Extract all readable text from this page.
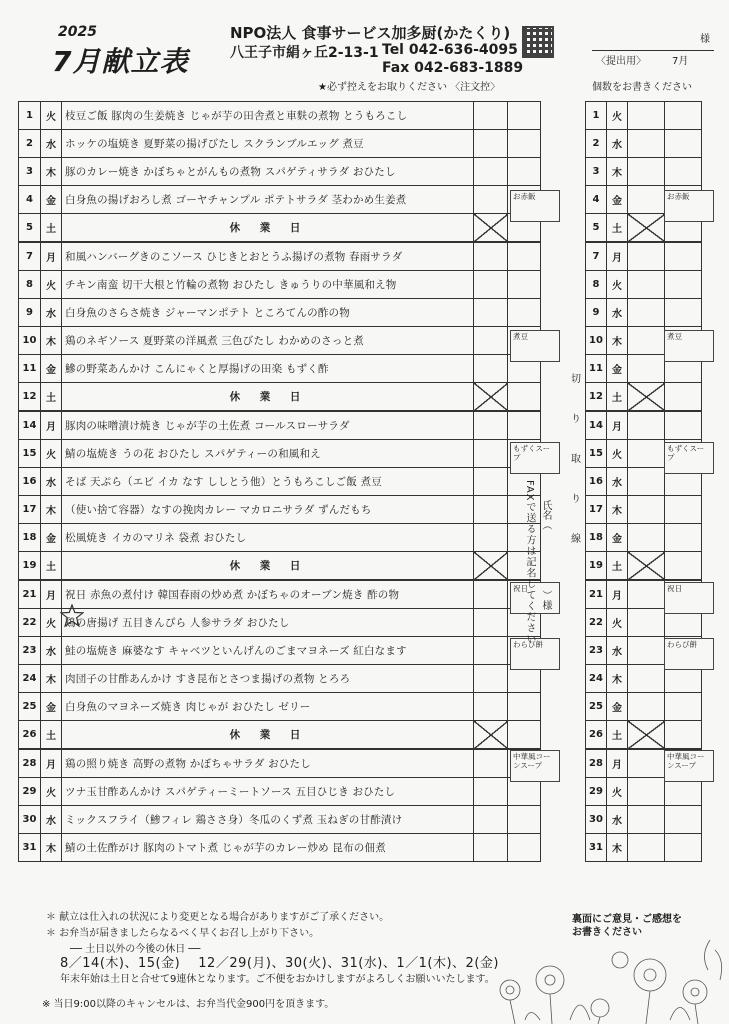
2025
7月献立表
NPO法人 食事サービス加多厨(かたくり)
八王子市絹ヶ丘2-13-1 Tel 042-636-4095
Fax 042-683-1889
★必ず控えをお取りください 〈注文控〉
様
〈提出用〉	7月
個数をお書きください
1	火	枝豆ご飯 豚肉の生姜焼き じゃが芋の田舎煮と車麩の煮物 とうもろこし		
2	水	ホッケの塩焼き 夏野菜の揚げびたし スクランブルエッグ 煮豆		
3	木	豚のカレー焼き かぼちゃとがんもの煮物 スパゲティサラダ おひたし		
4	金	白身魚の揚げおろし煮 ゴーヤチャンプル ポテトサラダ 茎わかめ生姜煮		
5	土	休 業 日		
7	月	和風ハンバーグきのこソース ひじきとおとうふ揚げの煮物 春雨サラダ		
8	火	チキン南蛮 切干大根と竹輪の煮物 おひたし きゅうりの中華風和え物		
9	水	白身魚のさらさ焼き ジャーマンポテト ところてんの酢の物		
10	木	鶏のネギソース 夏野菜の洋風煮 三色びたし わかめのさっと煮		
11	金	鰺の野菜あんかけ こんにゃくと厚揚げの田楽 もずく酢		
12	土	休 業 日		
14	月	豚肉の味噌漬け焼き じゃが芋の土佐煮 コールスローサラダ		
15	火	鯖の塩焼き うの花 おひたし スパゲティーの和風和え		
16	水	そば 天ぷら（エビ イカ なす ししとう他）とうもろこしご飯 煮豆		
17	木	（使い捨て容器）なすの挽肉カレー マカロニサラダ ずんだもち		
18	金	松風焼き イカのマリネ 袋煮 おひたし		
19	土	休 業 日		
21	月	祝日 赤魚の煮付け 韓国春雨の炒め煮 かぼちゃのオーブン焼き 酢の物		
22	火	鶏の唐揚げ 五目きんぴら 人参サラダ おひたし		
23	水	鮭の塩焼き 麻婆なす キャベツといんげんのごまマヨネーズ 紅白なます		
24	木	肉団子の甘酢あんかけ すき昆布とさつま揚げの煮物 とろろ		
25	金	白身魚のマヨネーズ焼き 肉じゃが おひたし ゼリー		
26	土	休 業 日		
28	月	鶏の照り焼き 高野の煮物 かぼちゃサラダ おひたし		
29	火	ツナ玉甘酢あんかけ スパゲティーミートソース 五目ひじき おひたし		
30	水	ミックスフライ（鯵フィレ 鶏ささ身）冬瓜のくず煮 玉ねぎの甘酢漬け		
31	木	鯖の土佐酢がけ 豚肉のトマト煮 じゃが芋のカレー炒め 昆布の佃煮		
1	火		
2	水		
3	木		
4	金		
5	土		
7	月		
8	火		
9	水		
10	木		
11	金		
12	土		
14	月		
15	火		
16	水		
17	木		
18	金		
19	土		
21	月		
22	火		
23	水		
24	木		
25	金		
26	土		
28	月		
29	火		
30	水		
31	木		
お赤飯	お赤飯
煮豆	煮豆
もずくスープ
もずくスープ
祝日	祝日
わらび餅	わらび餅
中華風コーンスープ
中華風コーンスープ
切 り 取 り 線
FAXで送る方は記名してください 氏名（　　　　　　）様
＊ 献立は仕入れの状況により変更となる場合がありますがご了承ください。
＊ お弁当が届きましたらなるべく早くお召し上がり下さい。
── 土日以外の今後の休日 ──
8／14(木)、15(金)　 12／29(月)、30(火)、31(水)、1／1(木)、2(金)
年末年始は土日と合せて9連休となります。ご不便をおかけしますがよろしくお願いいたします。
※ 当日9:00以降のキャンセルは、お弁当代金900円を頂きます。
裏面にご意見・ご感想を
お書きください
